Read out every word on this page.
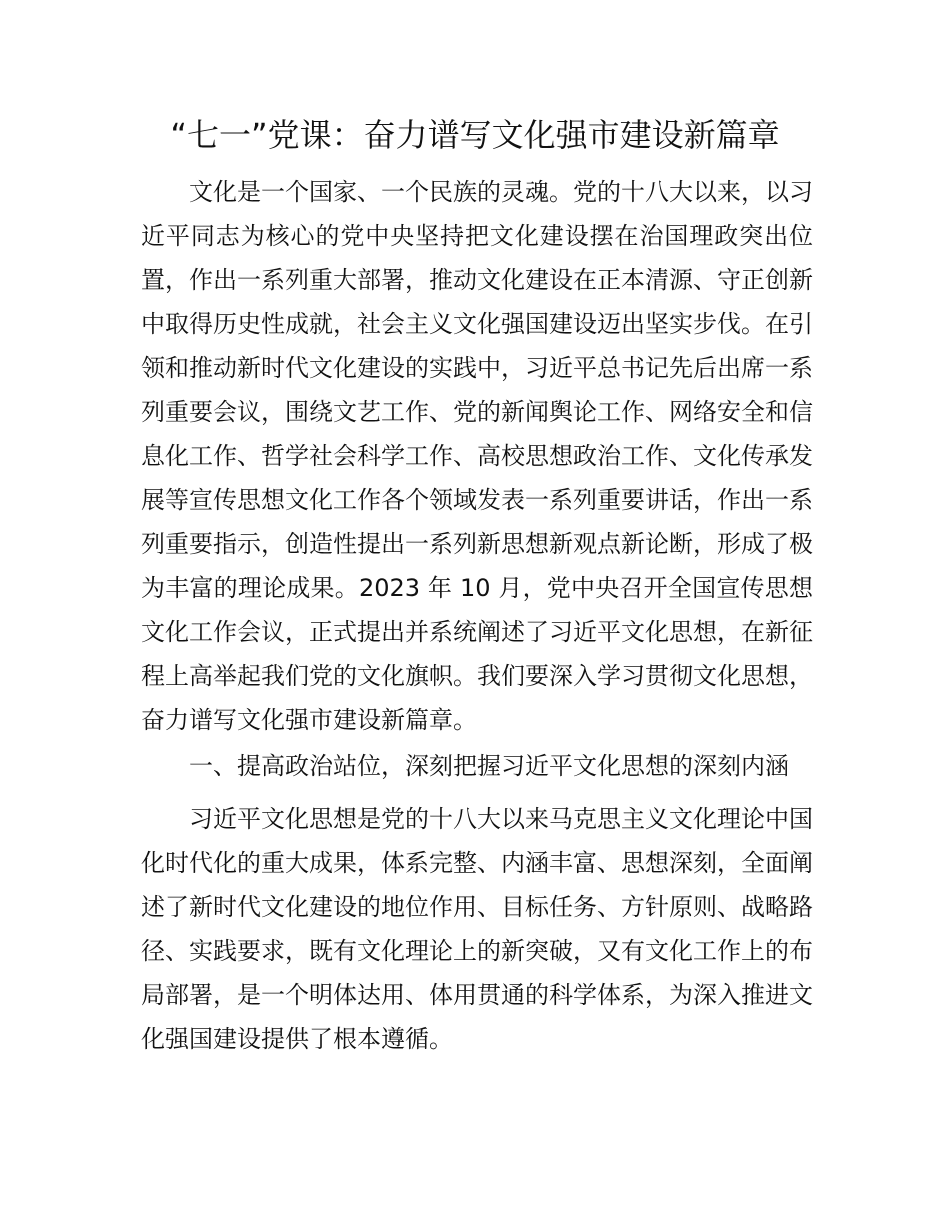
“七一”党课：奋力谱写文化强市建设新篇章

文化是一个国家、一个民族的灵魂。党的十八大以来，以习近平同志为核心的党中央坚持把文化建设摆在治国理政突出位置，作出一系列重大部署，推动文化建设在正本清源、守正创新中取得历史性成就，社会主义文化强国建设迈出坚实步伐。在引领和推动新时代文化建设的实践中，习近平总书记先后出席一系列重要会议，围绕文艺工作、党的新闻舆论工作、网络安全和信息化工作、哲学社会科学工作、高校思想政治工作、文化传承发展等宣传思想文化工作各个领域发表一系列重要讲话，作出一系列重要指示，创造性提出一系列新思想新观点新论断，形成了极为丰富的理论成果。2023 年 10 月，党中央召开全国宣传思想文化工作会议，正式提出并系统阐述了习近平文化思想，在新征程上高举起我们党的文化旗帜。我们要深入学习贯彻文化思想，奋力谱写文化强市建设新篇章。

一、提高政治站位，深刻把握习近平文化思想的深刻内涵

习近平文化思想是党的十八大以来马克思主义文化理论中国化时代化的重大成果，体系完整、内涵丰富、思想深刻，全面阐述了新时代文化建设的地位作用、目标任务、方针原则、战略路径、实践要求，既有文化理论上的新突破，又有文化工作上的布局部署，是一个明体达用、体用贯通的科学体系，为深入推进文化强国建设提供了根本遵循。
